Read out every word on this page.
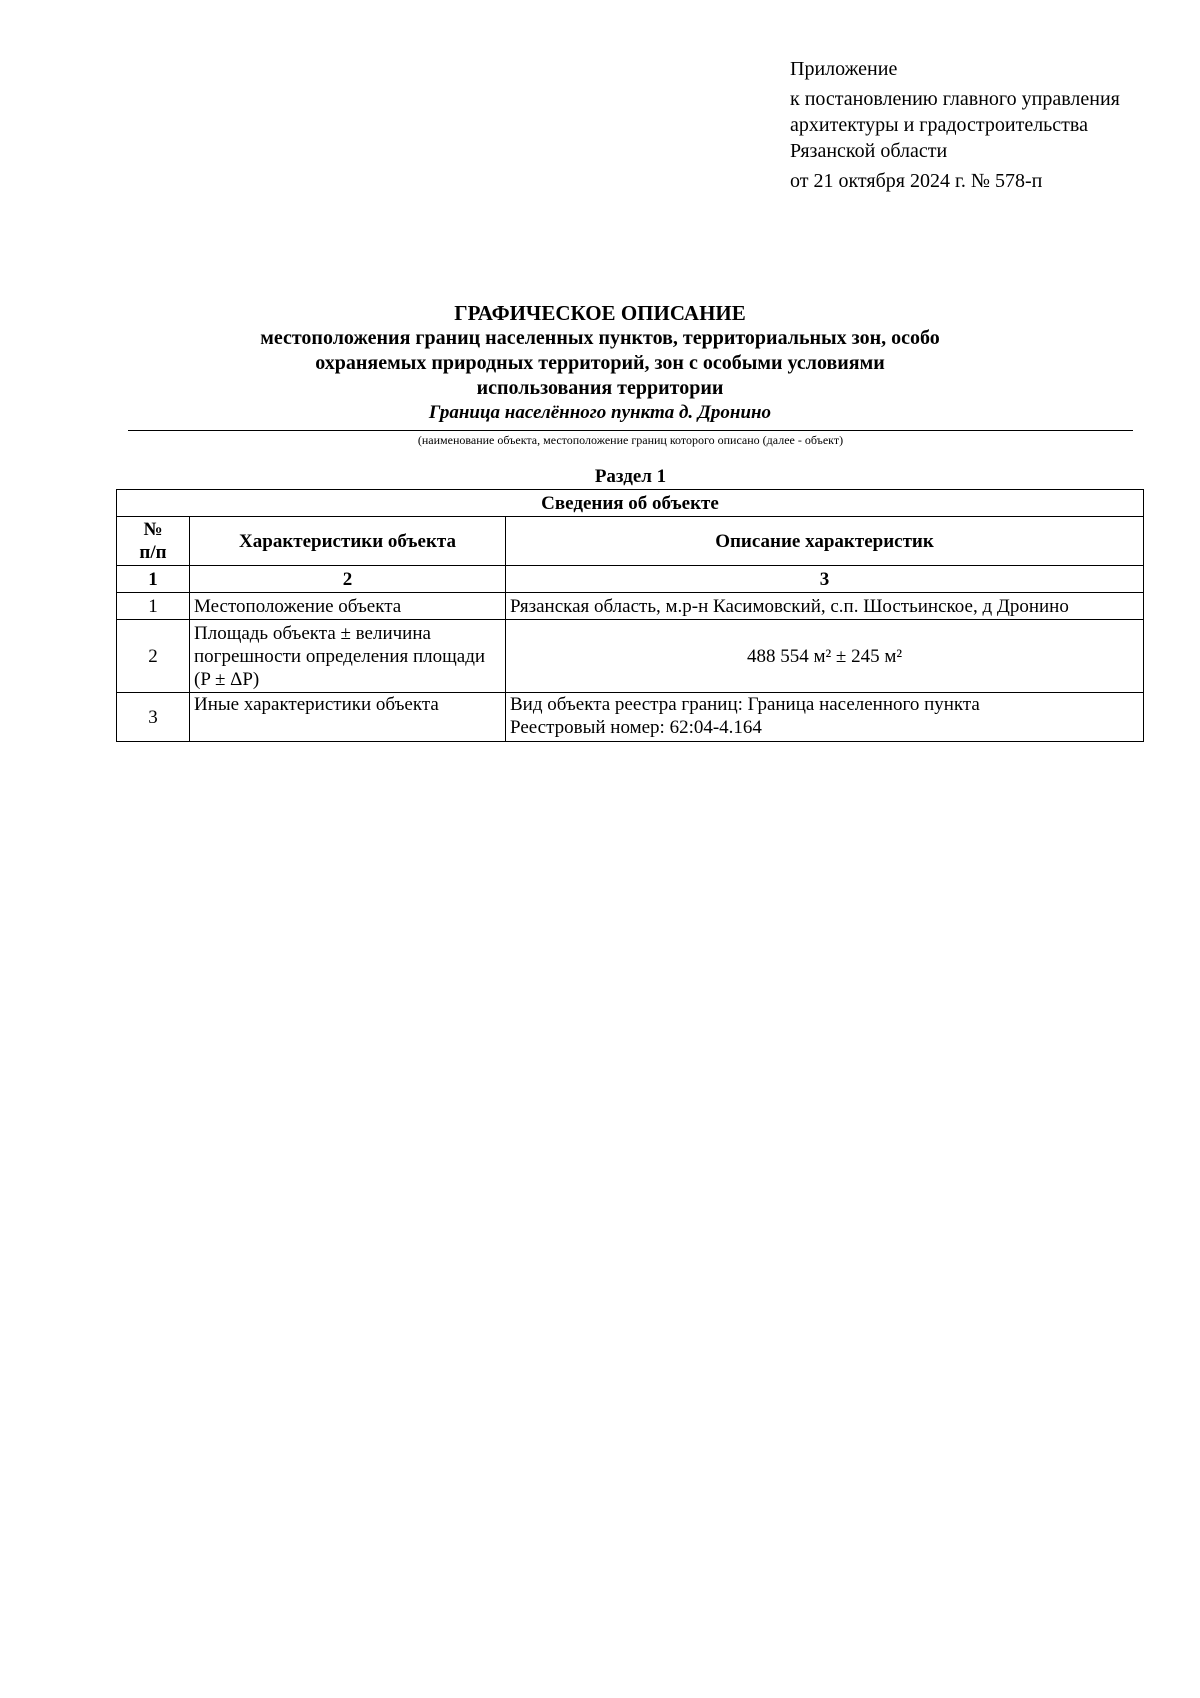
Приложение
к постановлению главного управления
архитектуры и градостроительства
Рязанской области
от 21 октября 2024 г. № 578-п
ГРАФИЧЕСКОЕ ОПИСАНИЕ
местоположения границ населенных пунктов, территориальных зон, особо охраняемых природных территорий, зон с особыми условиями использования территории
Граница населённого пункта д. Дронино
(наименование объекта, местоположение границ которого описано (далее - объект)
Раздел 1
Сведения об объекте		
№ п/п	Характеристики объекта	Описание характеристик
1	2	3
1	Местоположение объекта	Рязанская область, м.р-н Касимовский, с.п. Шостьинское, д Дронино
2	Площадь объекта ± величина погрешности определения площади (P ± ΔP)	488 554 м² ± 245 м²
3	Иные характеристики объекта	Вид объекта реестра границ: Граница населенного пункта
Реестровый номер: 62:04-4.164
